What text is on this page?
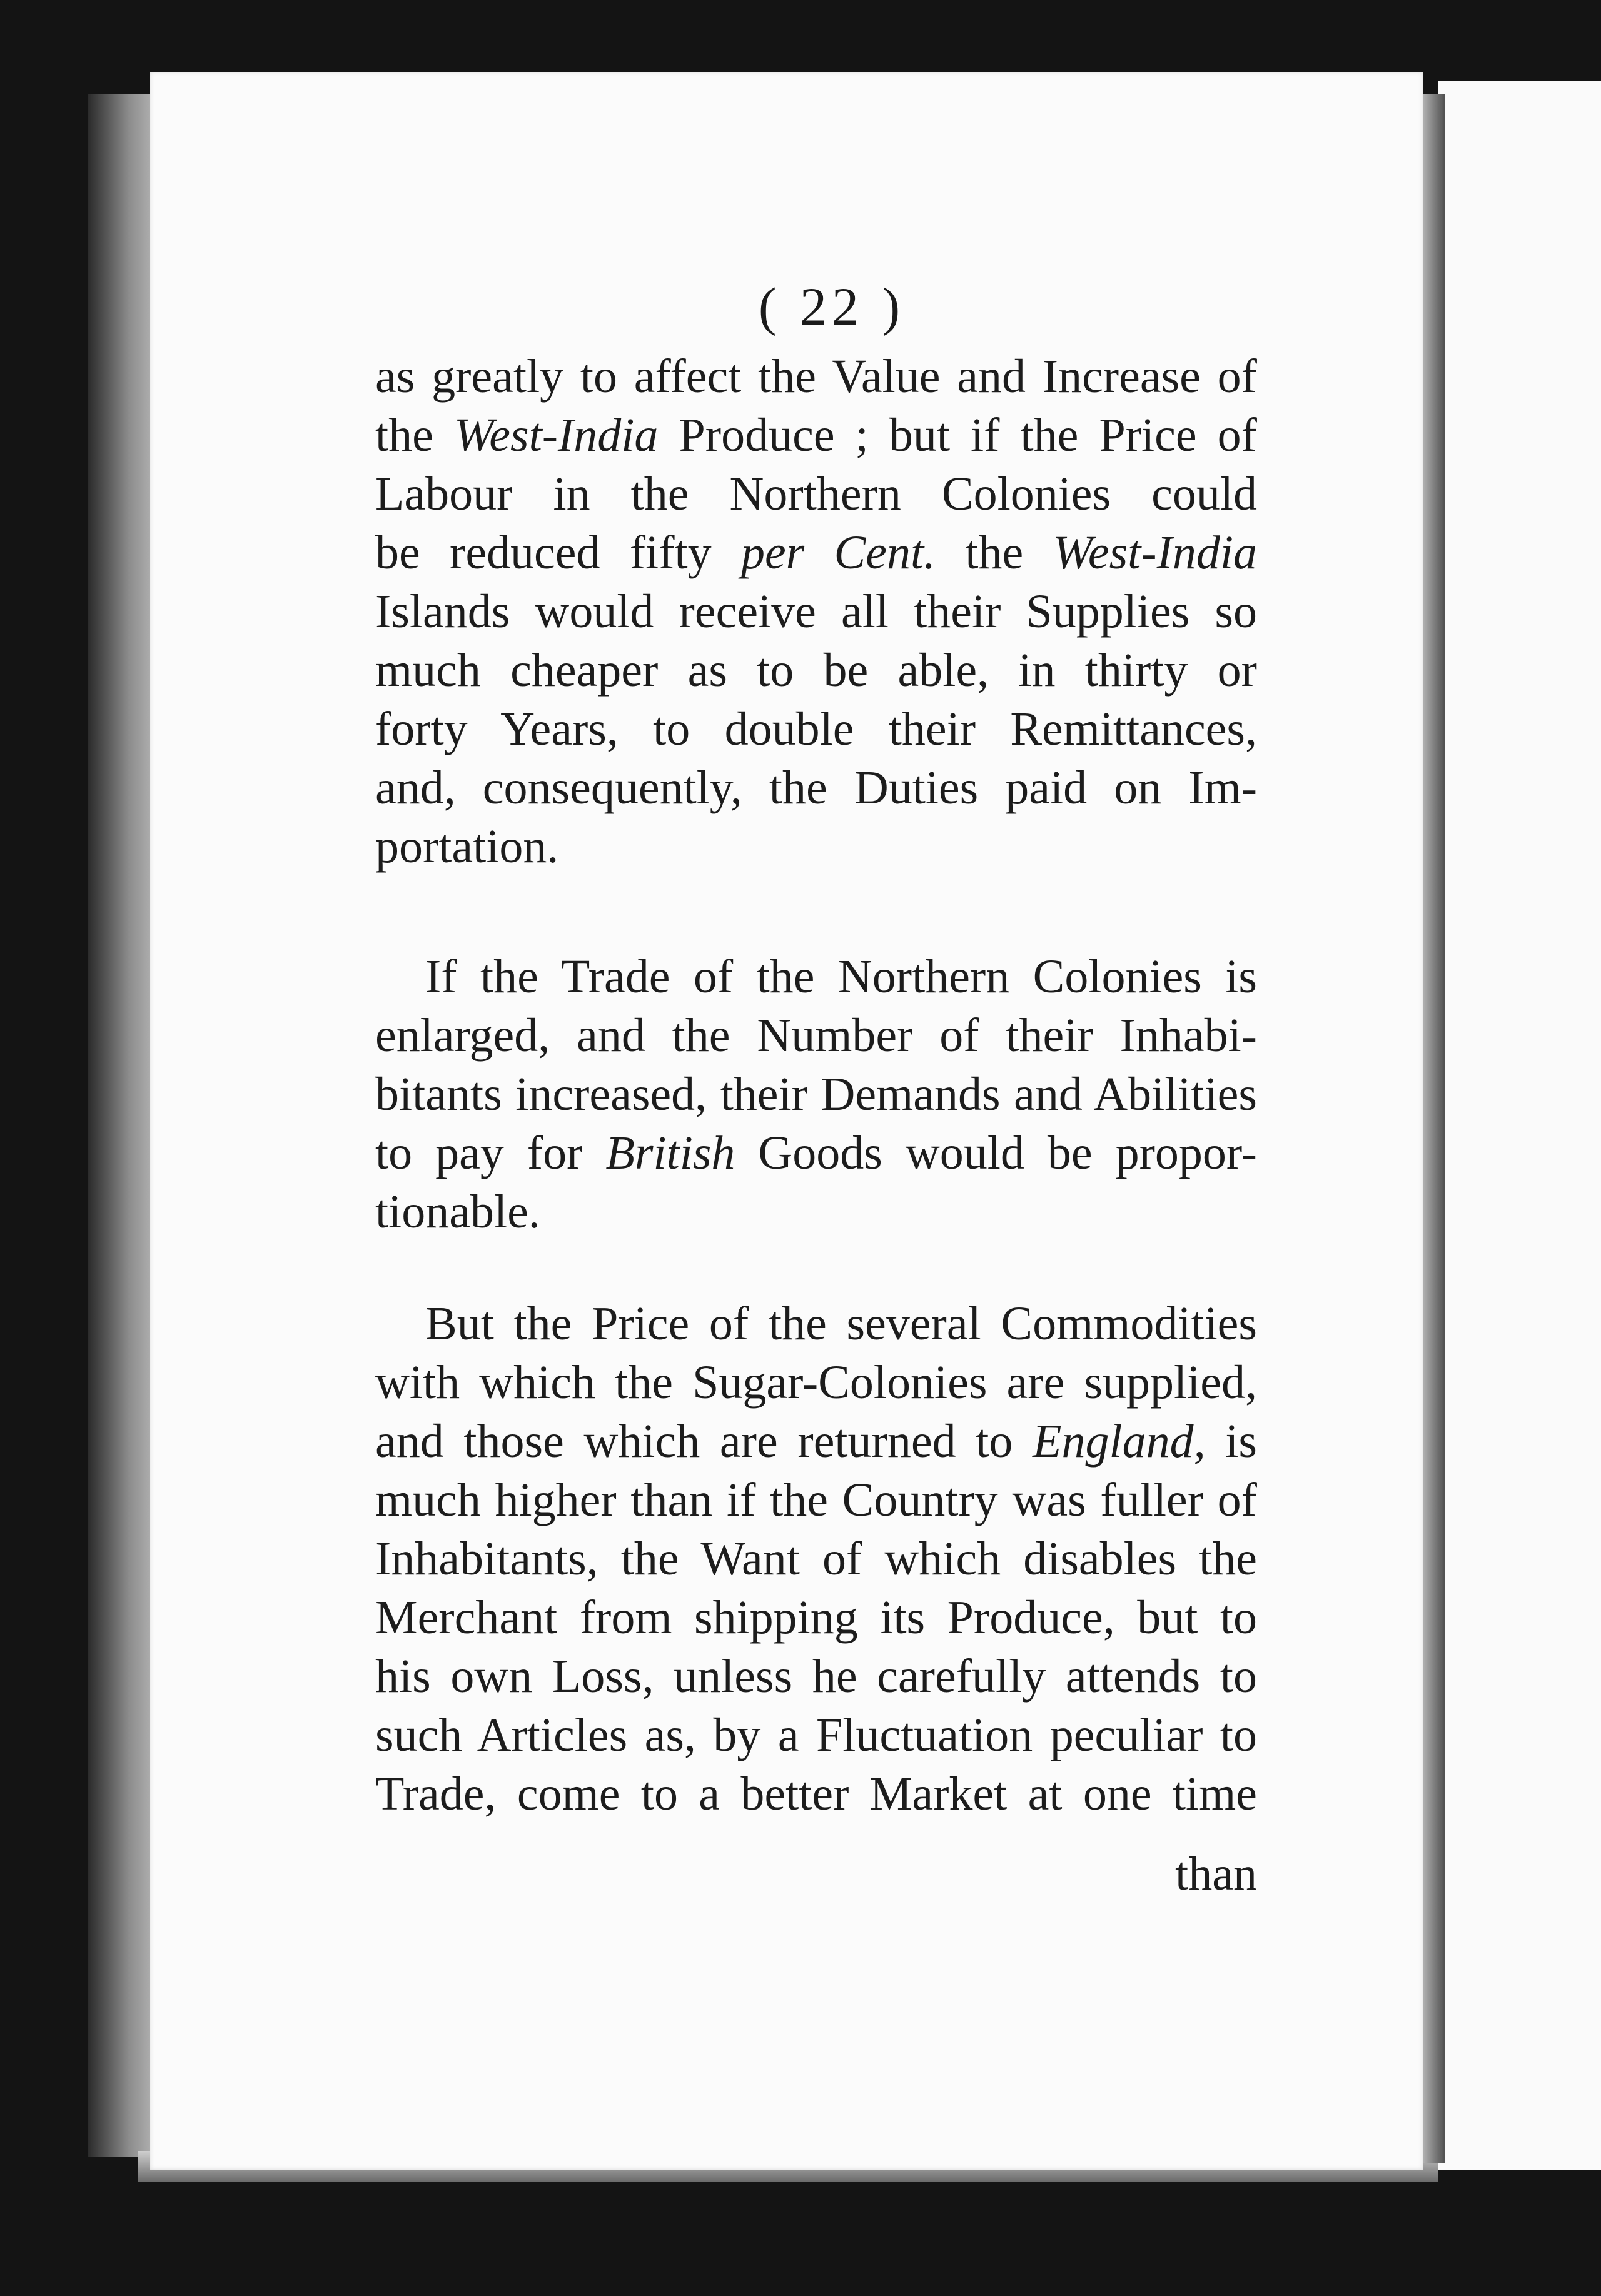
( 22 )
as greatly to affect the Value and Increase of
the West-India Produce ; but if the Price of
Labour in the Northern Colonies could
be reduced fifty per Cent. the West-India
Islands would receive all their Supplies so
much cheaper as to be able, in thirty or
forty Years, to double their Remittances,
and, consequently, the Duties paid on Im-
portation.
If the Trade of the Northern Colonies is
enlarged, and the Number of their Inhabi-
bitants increased, their Demands and Abilities
to pay for British Goods would be propor-
tionable.
But the Price of the several Commodities
with which the Sugar-Colonies are supplied,
and those which are returned to England, is
much higher than if the Country was fuller of
Inhabitants, the Want of which disables the
Merchant from shipping its Produce, but to
his own Loss, unless he carefully attends to
such Articles as, by a Fluctuation peculiar to
Trade, come to a better Market at one time
than
